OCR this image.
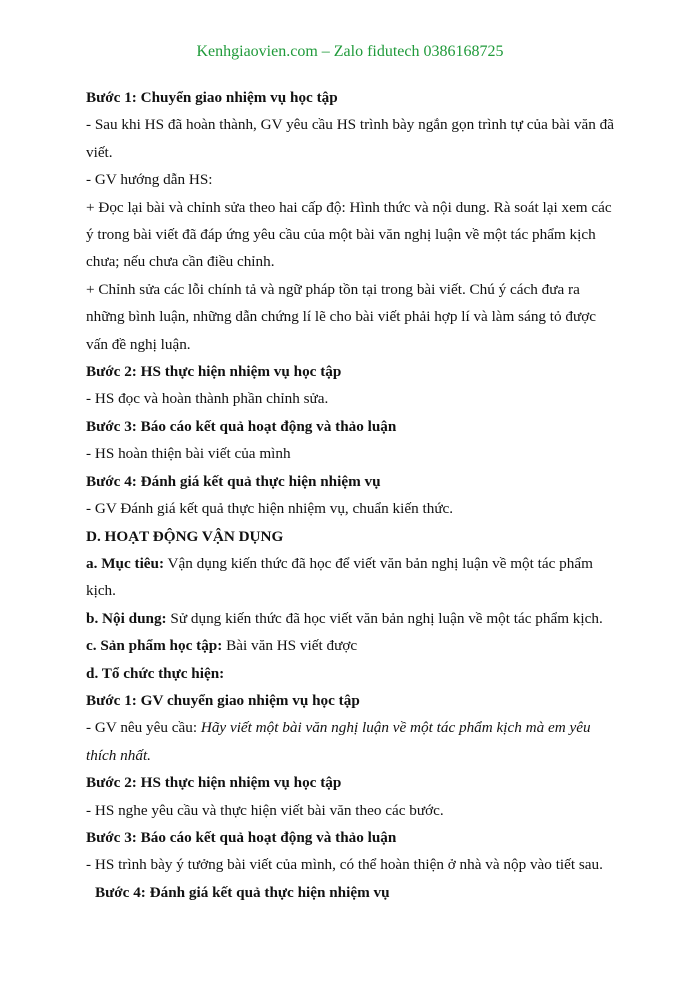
Kenhgiaovien.com – Zalo fidutech 0386168725

Bước 1: Chuyển giao nhiệm vụ học tập

- Sau khi HS đã hoàn thành, GV yêu cầu HS trình bày ngắn gọn trình tự của bài văn đã viết.

- GV hướng dẫn HS:

+ Đọc lại bài và chỉnh sửa theo hai cấp độ: Hình thức và nội dung. Rà soát lại xem các ý trong bài viết đã đáp ứng yêu cầu của một bài văn nghị luận về một tác phẩm kịch chưa; nếu chưa cần điều chỉnh.

+ Chỉnh sửa các lỗi chính tả và ngữ pháp tồn tại trong bài viết. Chú ý cách đưa ra những bình luận, những dẫn chứng lí lẽ cho bài viết phải hợp lí và làm sáng tỏ được vấn đề nghị luận.

Bước 2: HS thực hiện nhiệm vụ học tập

- HS đọc và hoàn thành phần chỉnh sửa.

Bước 3: Báo cáo kết quả hoạt động và thảo luận

- HS hoàn thiện bài viết của mình

Bước 4: Đánh giá kết quả thực hiện nhiệm vụ

- GV Đánh giá kết quả thực hiện nhiệm vụ, chuẩn kiến thức.

D. HOẠT ĐỘNG VẬN DỤNG

a. Mục tiêu: Vận dụng kiến thức đã học để viết văn bản nghị luận về một tác phẩm kịch.

b. Nội dung: Sử dụng kiến thức đã học viết văn bản nghị luận về một tác phẩm kịch.

c. Sản phẩm học tập: Bài văn HS viết được

d. Tổ chức thực hiện:

Bước 1: GV chuyển giao nhiệm vụ học tập

- GV nêu yêu cầu: Hãy viết một bài văn nghị luận về một tác phẩm kịch mà em yêu thích nhất.

Bước 2: HS thực hiện nhiệm vụ học tập

- HS nghe yêu cầu và thực hiện viết bài văn theo các bước.

Bước 3: Báo cáo kết quả hoạt động và thảo luận

- HS trình bày ý tưởng bài viết của mình, có thể hoàn thiện ở nhà và nộp vào tiết sau.

Bước 4: Đánh giá kết quả thực hiện nhiệm vụ
